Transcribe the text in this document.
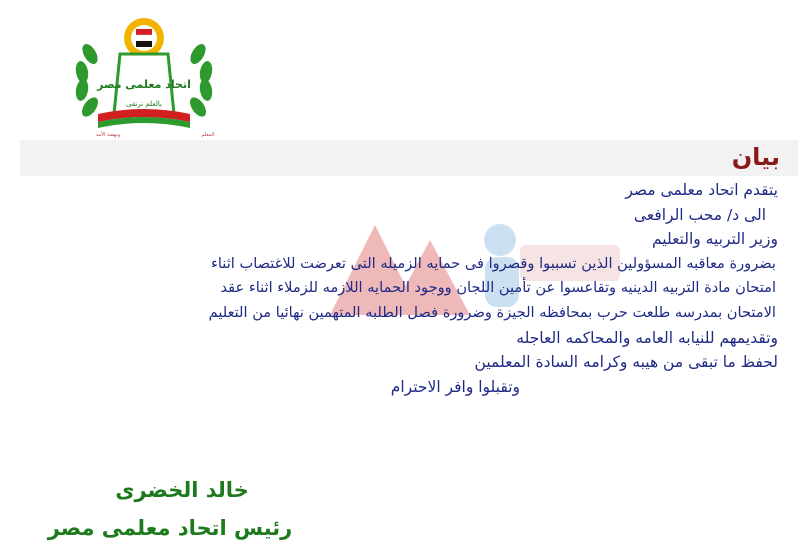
اتحاد معلمى مصر
بالعلم نرتقى
ونهضة الأمة	المعلم
بيان
يتقدم اتحاد معلمى مصر
الى د/ محب الرافعى
وزير التربيه والتعليم
بضرورة معاقبه المسؤولين الذين تسببوا وقصروا فى حمايه الزميله التى تعرضت للاغتصاب اثناء
امتحان مادة التربيه الدينيه وتقاعسوا عن تأمين اللجان ووجود الحمايه اللازمه للزملاء اثناء عقد
الامتحان بمدرسه طلعت حرب بمحافظه الجيزة وضرورة فصل الطلبه المتهمين نهائيا من التعليم
وتقديمهم للنيابه العامه والمحاكمه العاجله
لحفظ ما تبقى من هيبه وكرامه السادة المعلمين
وتقبلوا وافر الاحترام
خالد الخضرى
رئيس اتحاد معلمى مصر
